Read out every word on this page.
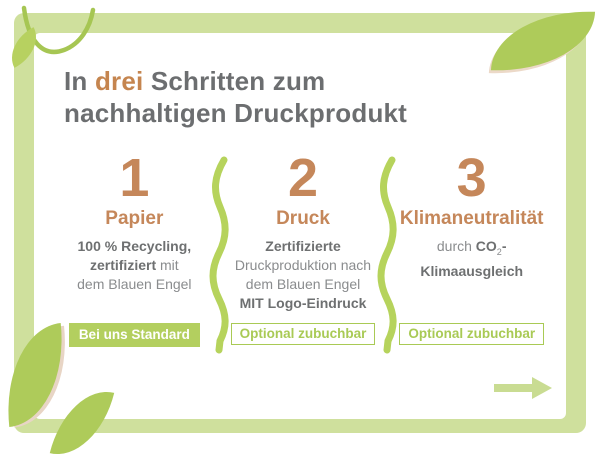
In drei Schritten zum
nachhaltigen Druckprodukt
1
Papier
100 % Recycling,
zertifiziert mit
dem Blauen Engel
Bei uns Standard
2
Druck
Zertifizierte
Druckproduktion nach
dem Blauen Engel
MIT Logo-Eindruck
Optional zubuchbar
3
Klimaneutralität
durch $CO_2-$
Klimaausgleich
Optional zubuchbar
